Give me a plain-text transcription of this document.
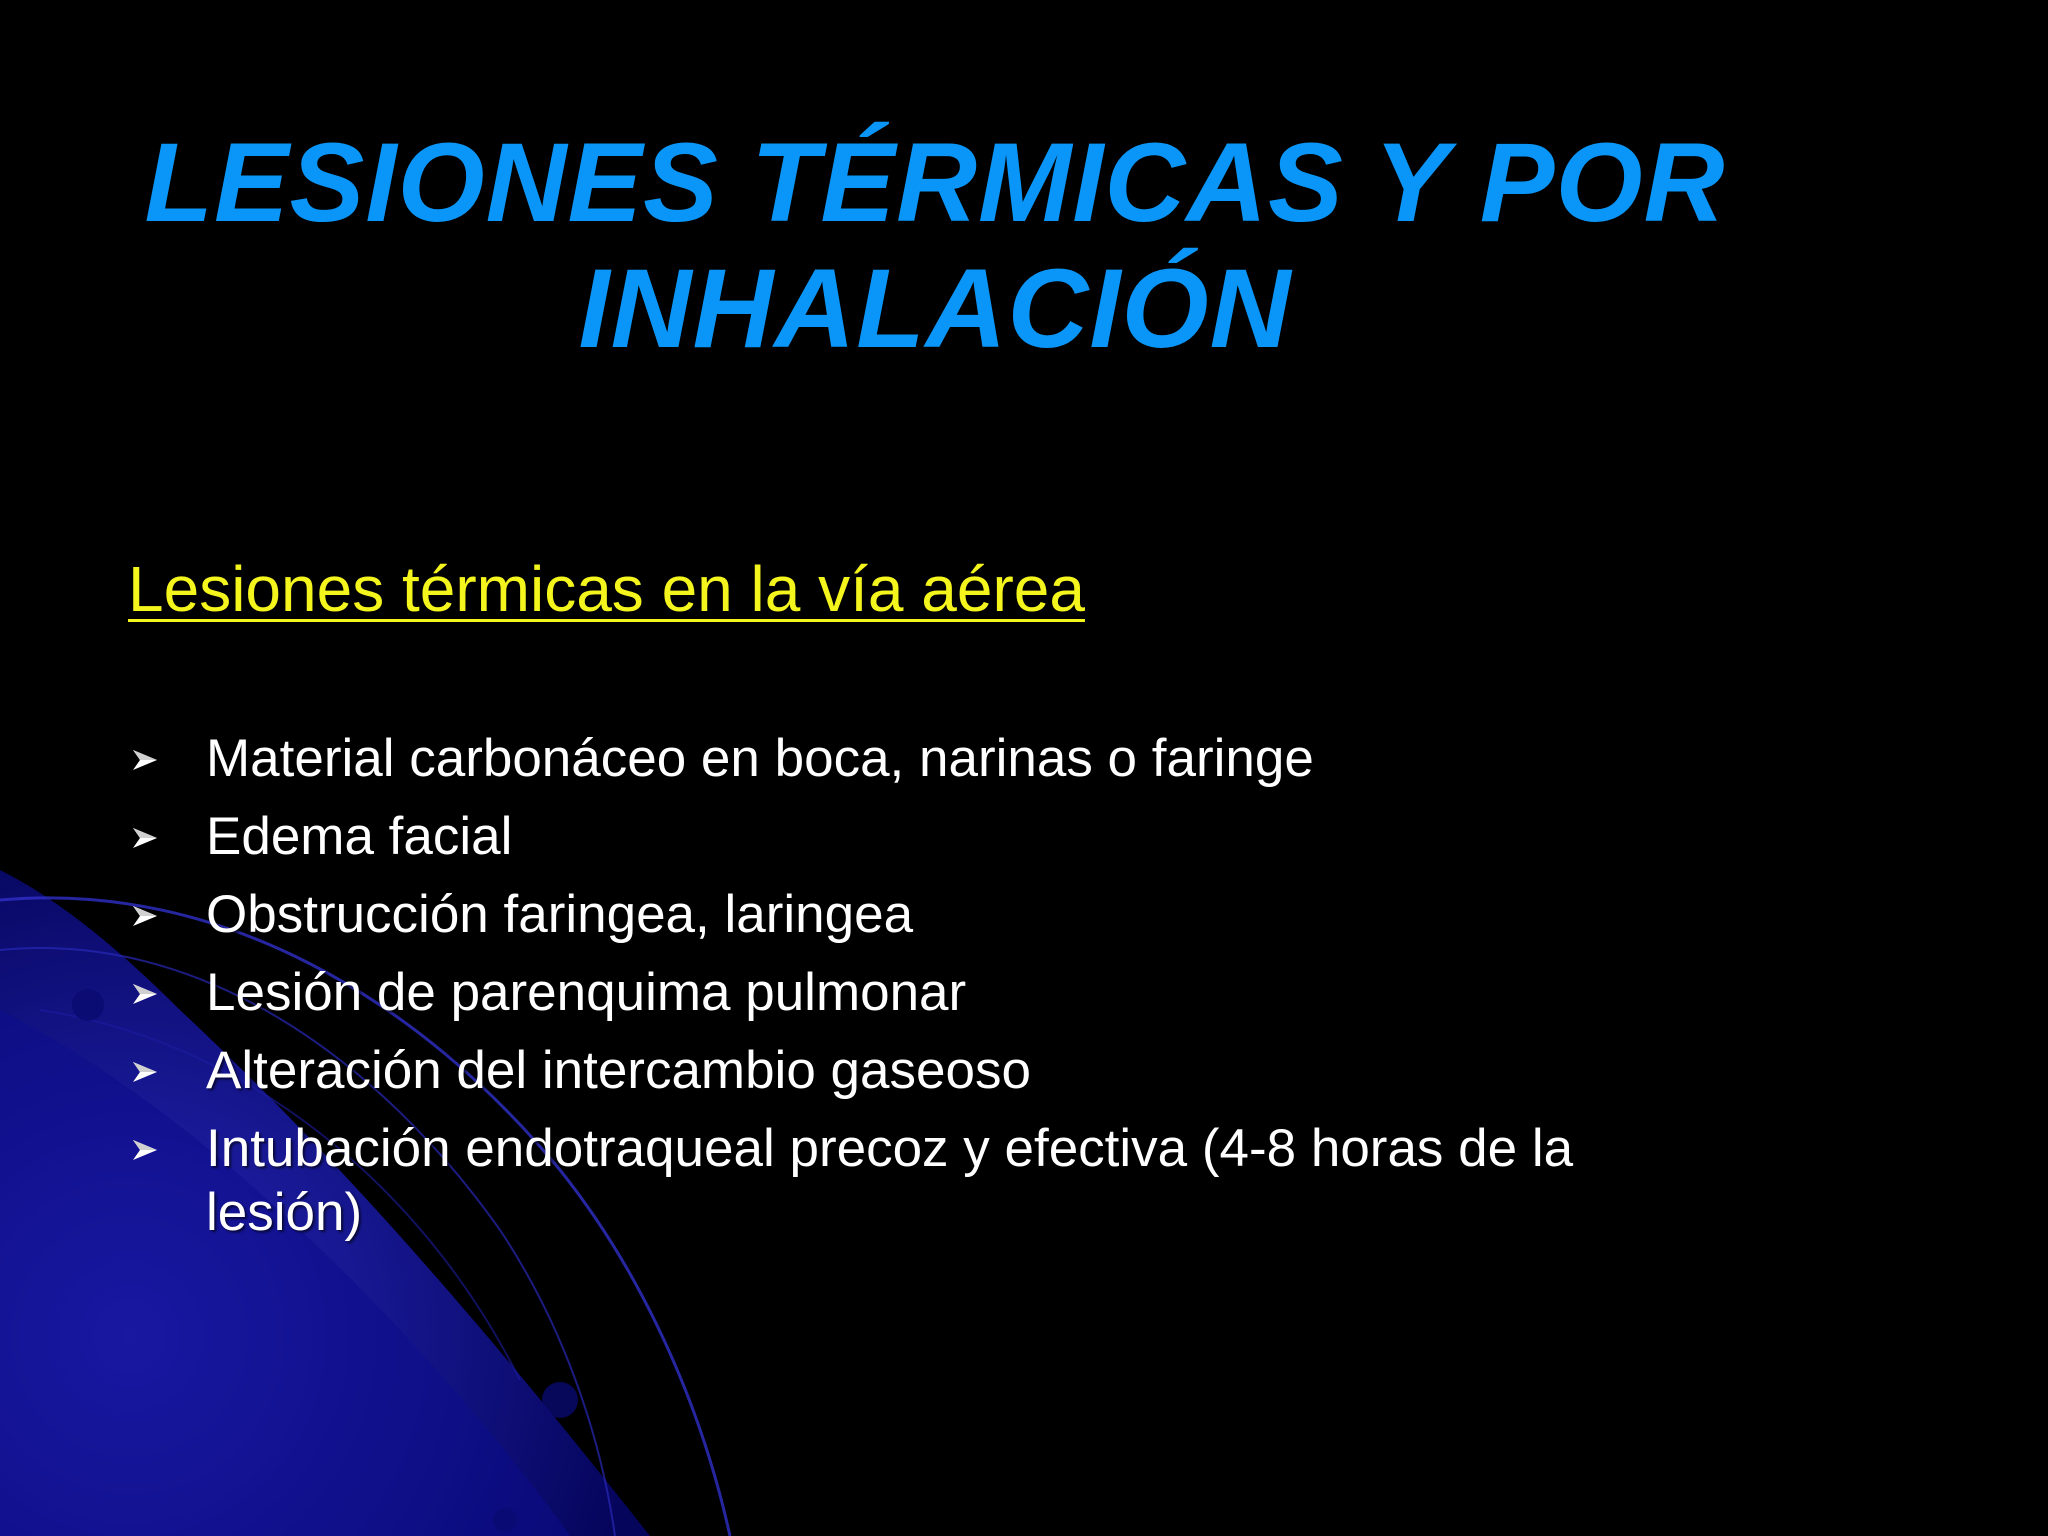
LESIONES TÉRMICAS Y POR
INHALACIÓN
Lesiones térmicas en la vía aérea
Material carbonáceo en boca, narinas o faringe
Edema facial
Obstrucción faringea, laringea
Lesión de parenquima pulmonar
Alteración del intercambio gaseoso
Intubación endotraqueal precoz y efectiva (4-8 horas de la lesión)
